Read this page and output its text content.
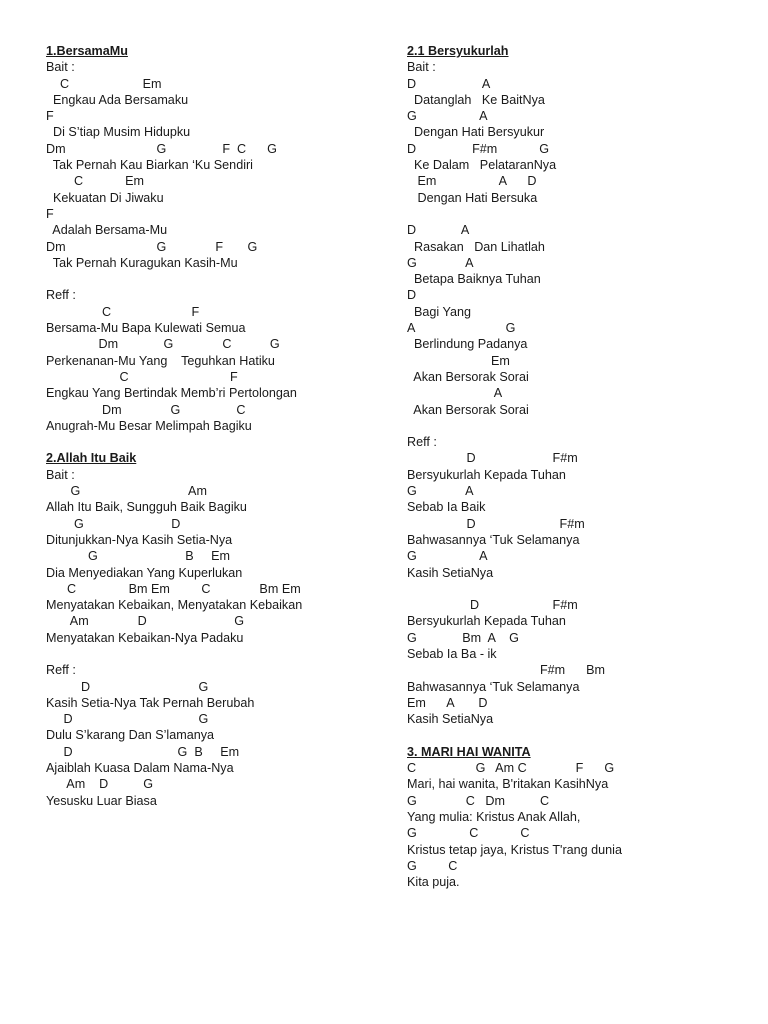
1.BersamaMu
Bait :
C                     Em
Engkau Ada Bersamaku
F
Di S’tiap Musim Hidupku
Dm                          G                F  C      G
Tak Pernah Kau Biarkan ‘Ku Sendiri
C            Em
Kekuatan Di Jiwaku
F
Adalah Bersama-Mu
Dm                          G              F       G
Tak Pernah Kuragukan Kasih-Mu
Reff :
C                       F
Bersama-Mu Bapa Kulewati Semua
Dm             G              C           G
Perkenanan-Mu Yang    Teguhkan Hatiku
C                             F
Engkau Yang Bertindak Memb’ri Pertolongan
Dm              G                C
Anugrah-Mu Besar Melimpah Bagiku
2.Allah Itu Baik
Bait :
G                               Am
Allah Itu Baik, Sungguh Baik Bagiku
G                         D
Ditunjukkan-Nya Kasih Setia-Nya
G                         B     Em
Dia Menyediakan Yang Kuperlukan
C               Bm Em         C              Bm Em
Menyatakan Kebaikan, Menyatakan Kebaikan
Am              D                         G
Menyatakan Kebaikan-Nya Padaku
Reff :
D                               G
Kasih Setia-Nya Tak Pernah Berubah
D                                    G
Dulu S’karang Dan S’lamanya
D                              G  B     Em
Ajaiblah Kuasa Dalam Nama-Nya
Am    D          G
Yesusku Luar Biasa
2.1 Bersyukurlah
Bait :
D                   A
Datanglah   Ke BaitNya
G                  A
Dengan Hati Bersyukur
D                F#m            G
Ke Dalam   PelataranNya
Em                  A      D
Dengan Hati Bersuka
D             A
Rasakan   Dan Lihatlah
G              A
Betapa Baiknya Tuhan
D
Bagi Yang
A                          G
Berlindung Padanya
Em
Akan Bersorak Sorai
A
Akan Bersorak Sorai
Reff :
D                      F#m
Bersyukurlah Kepada Tuhan
G              A
Sebab Ia Baik
D                        F#m
Bahwasannya ‘Tuk Selamanya
G                  A
Kasih SetiaNya
D                     F#m
Bersyukurlah Kepada Tuhan
G             Bm  A    G
Sebab Ia Ba - ik
F#m      Bm
Bahwasannya ‘Tuk Selamanya
Em      A       D
Kasih SetiaNya
3. MARI HAI WANITA
C                 G   Am C              F      G
Mari, hai wanita, B'ritakan KasihNya
G              C   Dm          C
Yang mulia: Kristus Anak Allah,
G               C            C
Kristus tetap jaya, Kristus T'rang dunia
G         C
Kita puja.
